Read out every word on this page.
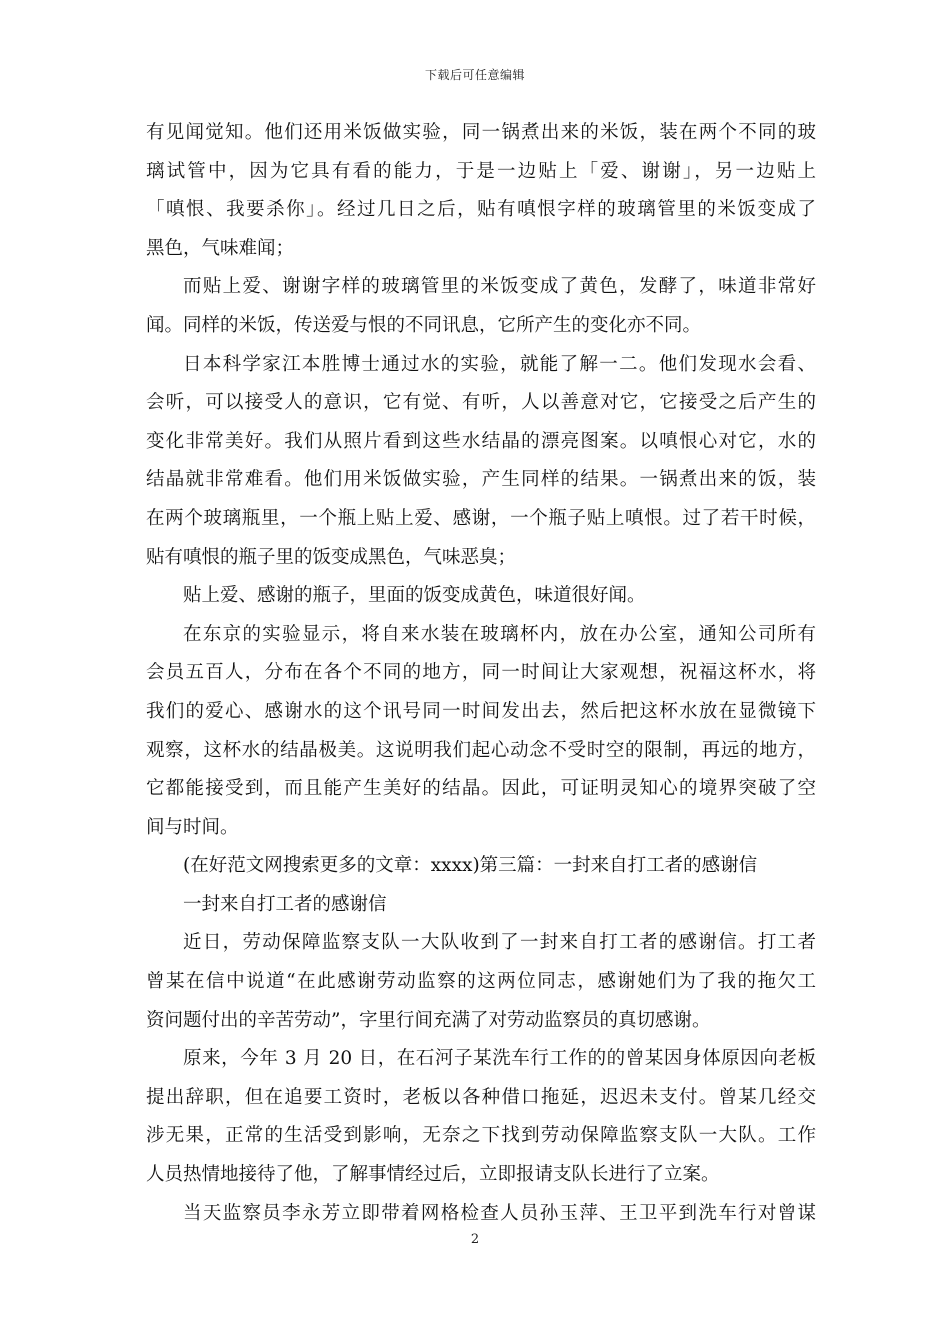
下载后可任意编辑
有见闻觉知。他们还用米饭做实验，同一锅煮出来的米饭，装在两个不同的玻
璃试管中，因为它具有看的能力，于是一边贴上「爱、谢谢」，另一边贴上
「嗔恨、我要杀你」。经过几日之后，贴有嗔恨字样的玻璃管里的米饭变成了
黑色，气味难闻；
而贴上爱、谢谢字样的玻璃管里的米饭变成了黄色，发酵了，味道非常好
闻。同样的米饭，传送爱与恨的不同讯息，它所产生的变化亦不同。
日本科学家江本胜博士通过水的实验，就能了解一二。他们发现水会看、
会听，可以接受人的意识，它有觉、有听，人以善意对它，它接受之后产生的
变化非常美好。我们从照片看到这些水结晶的漂亮图案。以嗔恨心对它，水的
结晶就非常难看。他们用米饭做实验，产生同样的结果。一锅煮出来的饭，装
在两个玻璃瓶里，一个瓶上贴上爱、感谢，一个瓶子贴上嗔恨。过了若干时候，
贴有嗔恨的瓶子里的饭变成黑色，气味恶臭；
贴上爱、感谢的瓶子，里面的饭变成黄色，味道很好闻。
在东京的实验显示，将自来水装在玻璃杯内，放在办公室，通知公司所有
会员五百人，分布在各个不同的地方，同一时间让大家观想，祝福这杯水，将
我们的爱心、感谢水的这个讯号同一时间发出去，然后把这杯水放在显微镜下
观察，这杯水的结晶极美。这说明我们起心动念不受时空的限制，再远的地方，
它都能接受到，而且能产生美好的结晶。因此，可证明灵知心的境界突破了空
间与时间。
(在好范文网搜索更多的文章：xxxx)第三篇：一封来自打工者的感谢信
一封来自打工者的感谢信
近日，劳动保障监察支队一大队收到了一封来自打工者的感谢信。打工者
曾某在信中说道“在此感谢劳动监察的这两位同志，感谢她们为了我的拖欠工
资问题付出的辛苦劳动”，字里行间充满了对劳动监察员的真切感谢。
原来，今年 3 月 20 日，在石河子某洗车行工作的的曾某因身体原因向老板
提出辞职，但在追要工资时，老板以各种借口拖延，迟迟未支付。曾某几经交
涉无果，正常的生活受到影响，无奈之下找到劳动保障监察支队一大队。工作
人员热情地接待了他，了解事情经过后，立即报请支队长进行了立案。
当天监察员李永芳立即带着网格检查人员孙玉萍、王卫平到洗车行对曾谋
2
